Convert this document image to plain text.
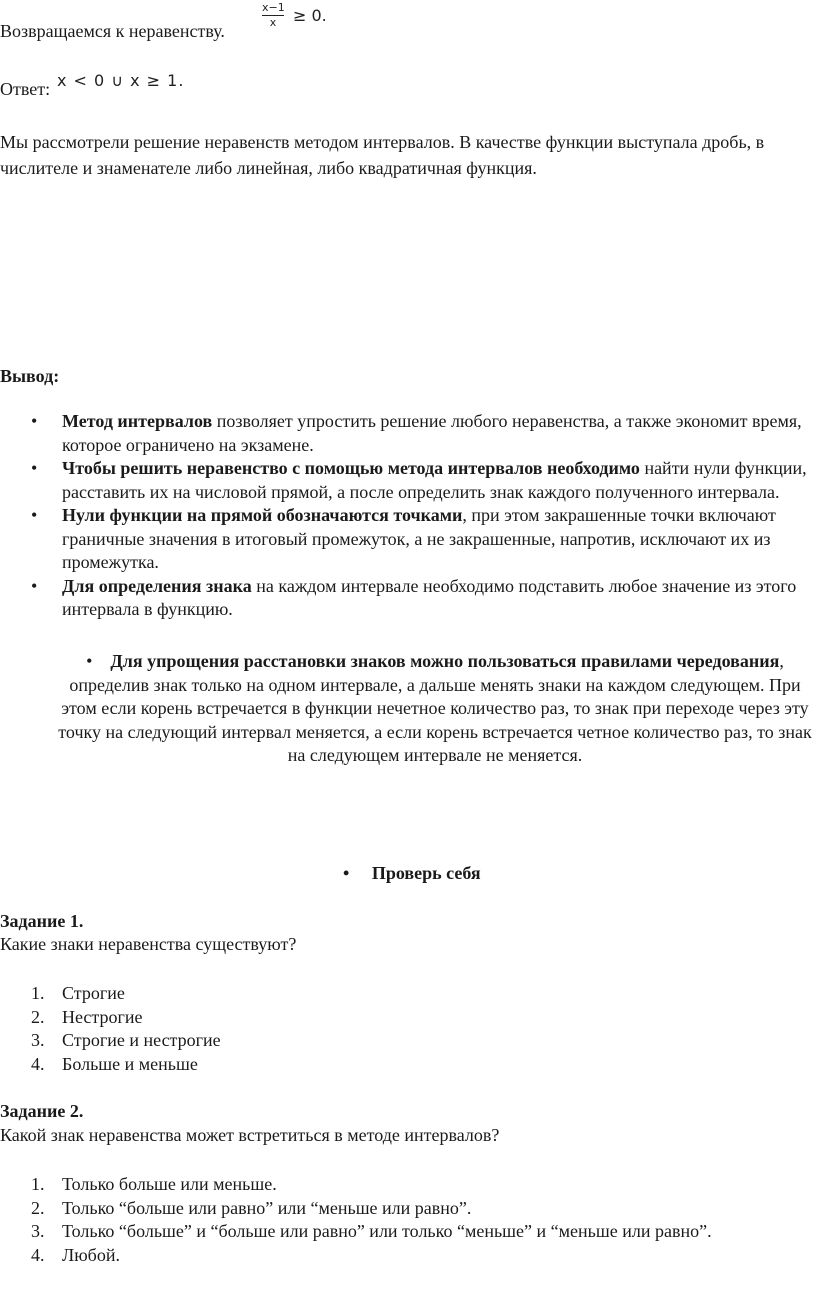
Возвращаемся к неравенству.
$\frac{x-1}{x} \ge 0$.
Ответ: x < 0 ∪ x ≥ 1.

Мы рассмотрели решение неравенств методом интервалов. В качестве функции выступала дробь, в числителе и знаменателе либо линейная, либо квадратичная функция.

Вывод:
• Метод интервалов позволяет упростить решение любого неравенства, а также экономит время, которое ограничено на экзамене.
• Чтобы решить неравенство с помощью метода интервалов необходимо найти нули функции, расставить их на числовой прямой, а после определить знак каждого полученного интервала.
• Нули функции на прямой обозначаются точками, при этом закрашенные точки включают граничные значения в итоговый промежуток, а не закрашенные, напротив, исключают их из промежутка.
• Для определения знака на каждом интервале необходимо подставить любое значение из этого интервала в функцию.
•    Для упрощения расстановки знаков можно пользоваться правилами чередования, определив знак только на одном интервале, а дальше менять знаки на каждом следующем. При этом если корень встречается в функции нечетное количество раз, то знак при переходе через эту точку на следующий интервал меняется, а если корень встречается четное количество раз, то знак на следующем интервале не меняется.
•     Проверь себя
Задание 1.
Какие знаки неравенства существуют?
1. Строгие
2. Нестрогие
3. Строгие и нестрогие
4. Больше и меньше
Задание 2.
Какой знак неравенства может встретиться в методе интервалов?
1. Только больше или меньше.
2. Только “больше или равно” или “меньше или равно”.
3. Только “больше” и “больше или равно” или только “меньше” и “меньше или равно”.
4. Любой.
